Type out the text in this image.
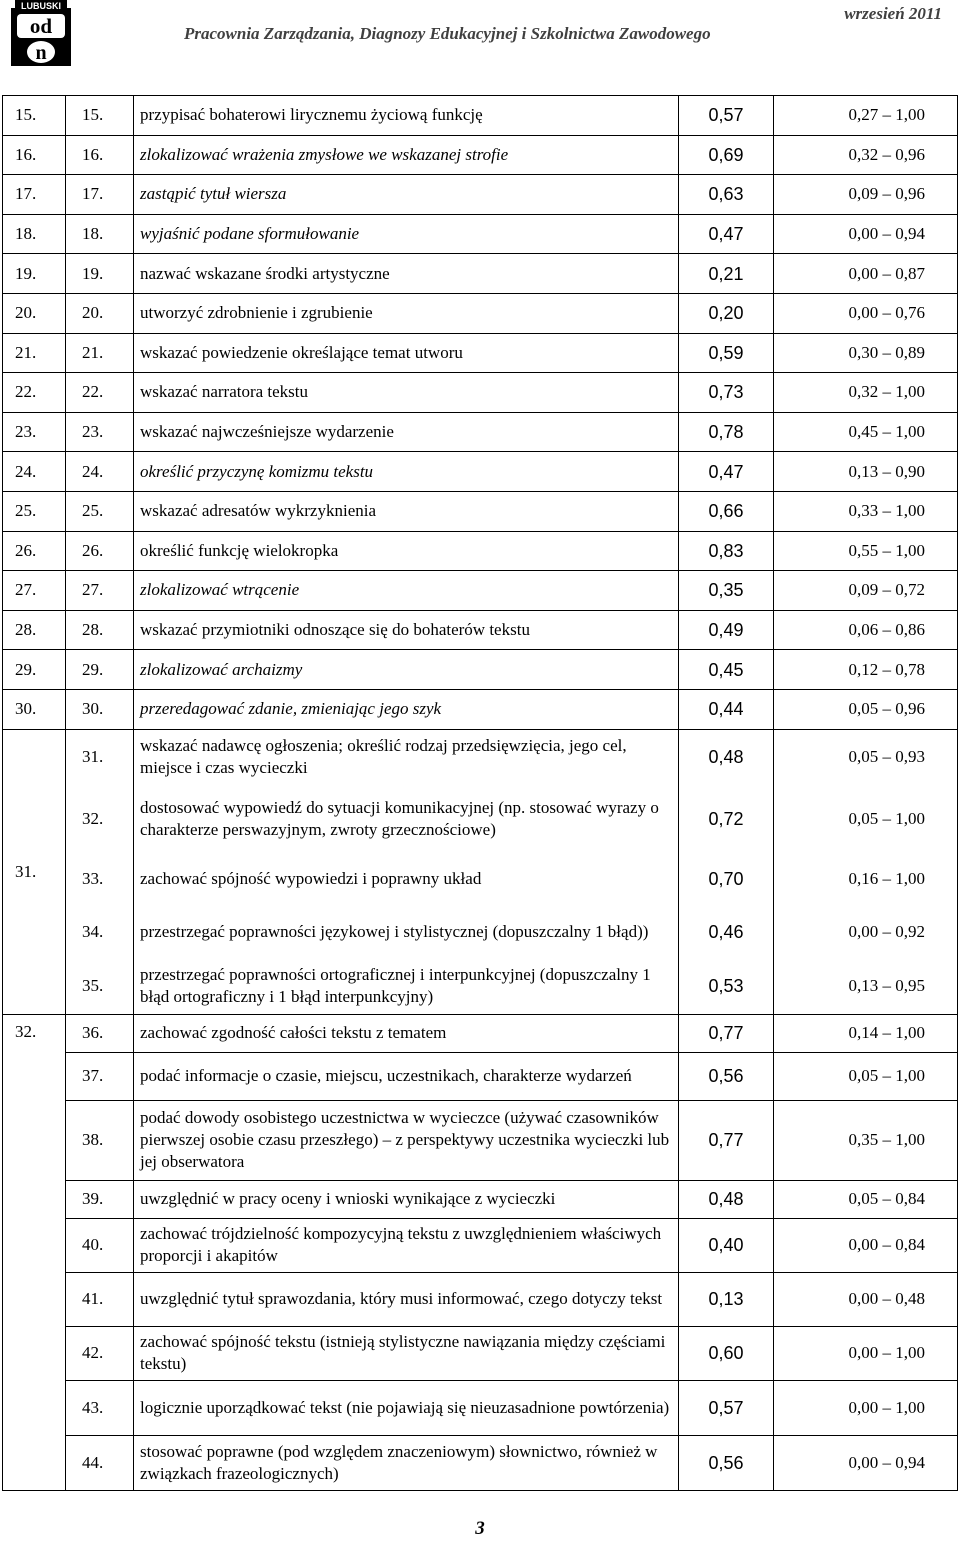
LUBUSKI
od
n
wrzesień 2011
Pracownia Zarządzania, Diagnozy Edukacyjnej i Szkolnictwa Zawodowego
15.	15.	przypisać bohaterowi lirycznemu życiową funkcję	0,57	0,27 – 1,00
16.	16.	zlokalizować wrażenia zmysłowe we wskazanej strofie	0,69	0,32 – 0,96
17.	17.	zastąpić tytuł wiersza	0,63	0,09 – 0,96
18.	18.	wyjaśnić podane sformułowanie	0,47	0,00 – 0,94
19.	19.	nazwać wskazane środki artystyczne	0,21	0,00 – 0,87
20.	20.	utworzyć zdrobnienie i zgrubienie	0,20	0,00 – 0,76
21.	21.	wskazać powiedzenie określające temat utworu	0,59	0,30 – 0,89
22.	22.	wskazać narratora tekstu	0,73	0,32 – 1,00
23.	23.	wskazać najwcześniejsze wydarzenie	0,78	0,45 – 1,00
24.	24.	określić przyczynę komizmu tekstu	0,47	0,13 – 0,90
25.	25.	wskazać adresatów wykrzyknienia	0,66	0,33 – 1,00
26.	26.	określić funkcję wielokropka	0,83	0,55 – 1,00
27.	27.	zlokalizować wtrącenie	0,35	0,09 – 0,72
28.	28.	wskazać przymiotniki odnoszące się do bohaterów tekstu	0,49	0,06 – 0,86
29.	29.	zlokalizować archaizmy	0,45	0,12 – 0,78
30.	30.	przeredagować zdanie, zmieniając jego szyk	0,44	0,05 – 0,96
31.	31.	wskazać nadawcę ogłoszenia; określić rodzaj przedsięwzięcia, jego cel, miejsce i czas wycieczki	0,48	0,05 – 0,93
	32.	dostosować wypowiedź do sytuacji komunikacyjnej (np. stosować wyrazy o charakterze perswazyjnym, zwroty grzecznościowe)	0,72	0,05 – 1,00
	33.	zachować spójność wypowiedzi i poprawny układ	0,70	0,16 – 1,00
	34.	przestrzegać poprawności językowej i stylistycznej (dopuszczalny 1 błąd))	0,46	0,00 – 0,92
	35.	przestrzegać poprawności ortograficznej i interpunkcyjnej (dopuszczalny 1 błąd ortograficzny i 1 błąd interpunkcyjny)	0,53	0,13 – 0,95
32.	36.	zachować zgodność całości tekstu z tematem	0,77	0,14 – 1,00
	37.	podać informacje o czasie, miejscu, uczestnikach, charakterze wydarzeń	0,56	0,05 – 1,00
	38.	podać dowody osobistego uczestnictwa w wycieczce (używać czasowników pierwszej osobie czasu przeszłego) – z perspektywy uczestnika wycieczki lub jej obserwatora	0,77	0,35 – 1,00
	39.	uwzględnić w pracy oceny i wnioski wynikające z wycieczki	0,48	0,05 – 0,84
	40.	zachować trójdzielność kompozycyjną tekstu z uwzględnieniem właściwych proporcji i akapitów	0,40	0,00 – 0,84
	41.	uwzględnić tytuł sprawozdania, który musi informować, czego dotyczy tekst	0,13	0,00 – 0,48
	42.	zachować spójność tekstu (istnieją stylistyczne nawiązania między częściami tekstu)	0,60	0,00 – 1,00
	43.	logicznie uporządkować tekst (nie pojawiają się nieuzasadnione powtórzenia)	0,57	0,00 – 1,00
	44.	stosować poprawne (pod względem znaczeniowym) słownictwo, również w związkach frazeologicznych)	0,56	0,00 – 0,94
3
